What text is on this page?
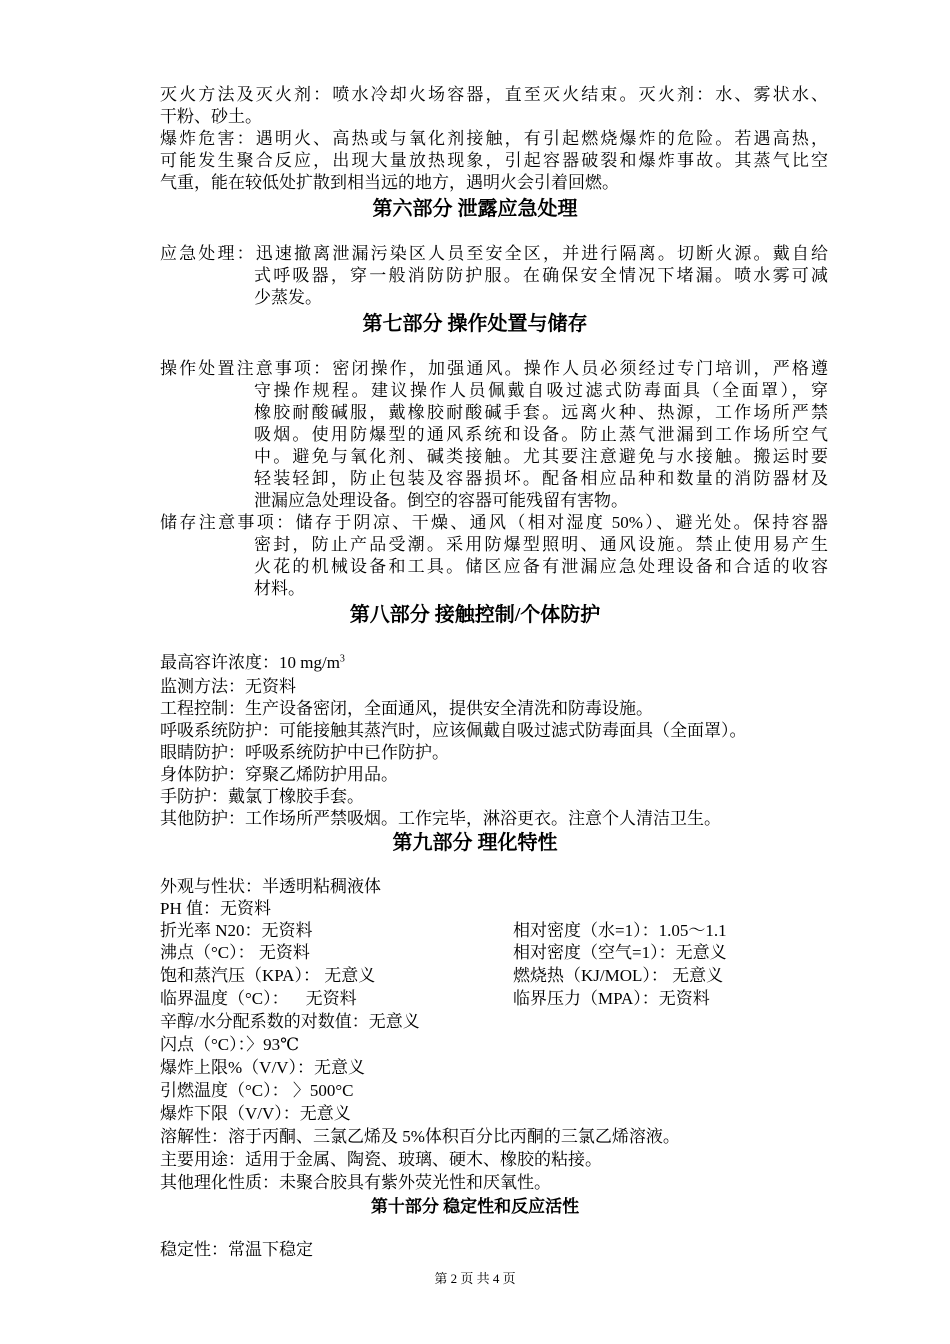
灭火方法及灭火剂：喷水冷却火场容器，直至灭火结束。灭火剂：水、雾状水、
干粉、砂土。
爆炸危害：遇明火、高热或与氧化剂接触，有引起燃烧爆炸的危险。若遇高热，
可能发生聚合反应，出现大量放热现象，引起容器破裂和爆炸事故。其蒸气比空
气重，能在较低处扩散到相当远的地方，遇明火会引着回燃。
第六部分 泄露应急处理
应急处理：迅速撤离泄漏污染区人员至安全区，并进行隔离。切断火源。戴自给
式呼吸器，穿一般消防防护服。在确保安全情况下堵漏。喷水雾可减
少蒸发。
第七部分 操作处置与储存
操作处置注意事项：密闭操作，加强通风。操作人员必须经过专门培训，严格遵
守操作规程。建议操作人员佩戴自吸过滤式防毒面具（全面罩），穿
橡胶耐酸碱服，戴橡胶耐酸碱手套。远离火种、热源，工作场所严禁
吸烟。使用防爆型的通风系统和设备。防止蒸气泄漏到工作场所空气
中。避免与氧化剂、碱类接触。尤其要注意避免与水接触。搬运时要
轻装轻卸，防止包装及容器损坏。配备相应品种和数量的消防器材及
泄漏应急处理设备。倒空的容器可能残留有害物。
储存注意事项：储存于阴凉、干燥、通风（相对湿度 50%）、避光处。保持容器
密封，防止产品受潮。采用防爆型照明、通风设施。禁止使用易产生
火花的机械设备和工具。储区应备有泄漏应急处理设备和合适的收容
材料。
第八部分 接触控制/个体防护
最高容许浓度：10 $mg/m^3$
监测方法：无资料
工程控制：生产设备密闭，全面通风，提供安全清洗和防毒设施。
呼吸系统防护：可能接触其蒸汽时，应该佩戴自吸过滤式防毒面具（全面罩）。
眼睛防护：呼吸系统防护中已作防护。
身体防护：穿聚乙烯防护用品。
手防护：戴氯丁橡胶手套。
其他防护：工作场所严禁吸烟。工作完毕，淋浴更衣。注意个人清洁卫生。
第九部分 理化特性
外观与性状：半透明粘稠液体
PH 值：无资料
折光率 N20：无资料	相对密度（水=1）：1.05～1.1
沸点（°C）： 无资料	相对密度（空气=1）：无意义
饱和蒸汽压（KPA）： 无意义	燃烧热（KJ/MOL）： 无意义
临界温度（°C）：    无资料	临界压力（MPA）：无资料
辛醇/水分配系数的对数值：无意义
闪点（°C）：〉93℃
爆炸上限%（V/V）：无意义
引燃温度（°C）： 〉500°C
爆炸下限（V/V）：无意义
溶解性：溶于丙酮、三氯乙烯及 5%体积百分比丙酮的三氯乙烯溶液。
主要用途：适用于金属、陶瓷、玻璃、硬木、橡胶的粘接。
其他理化性质：未聚合胶具有紫外荧光性和厌氧性。
第十部分 稳定性和反应活性
稳定性：常温下稳定
第 2 页 共 4 页
